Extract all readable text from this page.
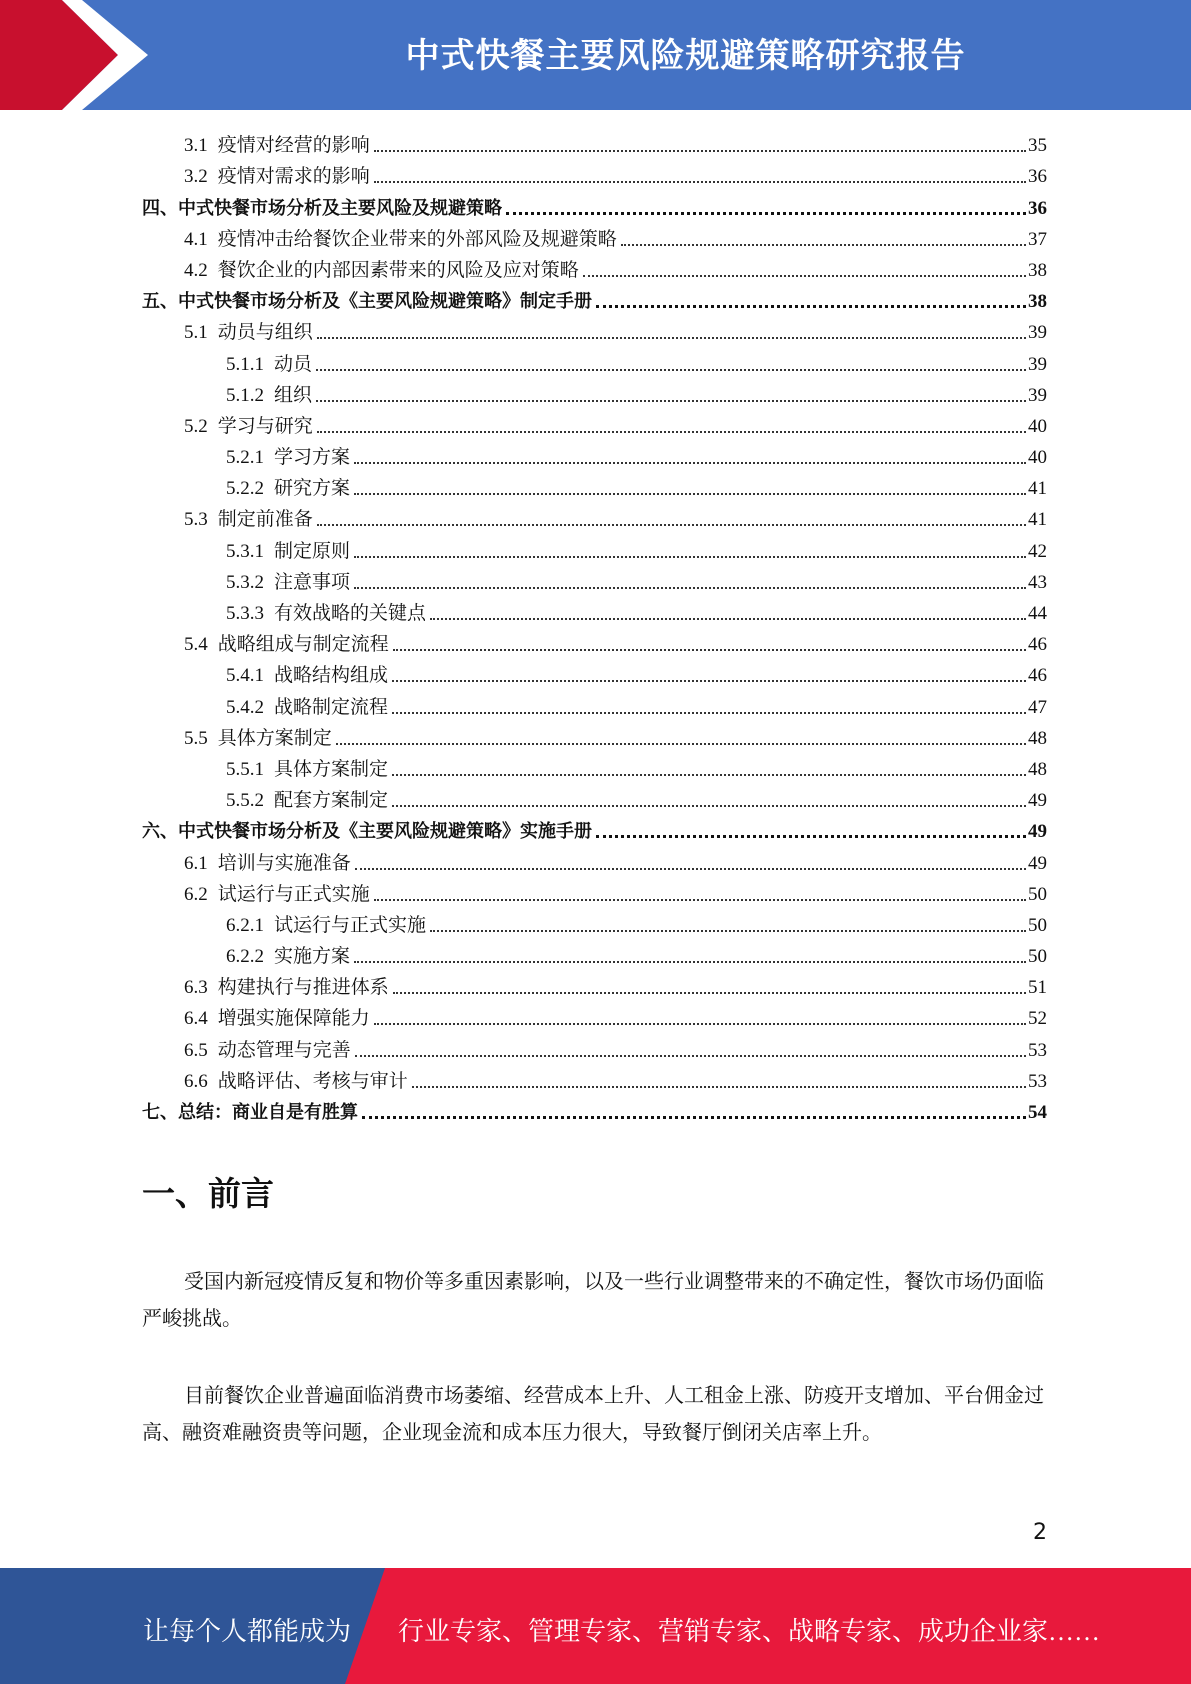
中式快餐主要风险规避策略研究报告
3.1 疫情对经营的影响	35
3.2 疫情对需求的影响	36
四、中式快餐市场分析及主要风险及规避策略	36
4.1 疫情冲击给餐饮企业带来的外部风险及规避策略	37
4.2 餐饮企业的内部因素带来的风险及应对策略	38
五、中式快餐市场分析及《主要风险规避策略》制定手册	38
5.1 动员与组织	39
5.1.1 动员	39
5.1.2 组织	39
5.2 学习与研究	40
5.2.1 学习方案	40
5.2.2 研究方案	41
5.3 制定前准备	41
5.3.1 制定原则	42
5.3.2 注意事项	43
5.3.3 有效战略的关键点	44
5.4 战略组成与制定流程	46
5.4.1 战略结构组成	46
5.4.2 战略制定流程	47
5.5 具体方案制定	48
5.5.1 具体方案制定	48
5.5.2 配套方案制定	49
六、中式快餐市场分析及《主要风险规避策略》实施手册	49
6.1 培训与实施准备	49
6.2 试运行与正式实施	50
6.2.1 试运行与正式实施	50
6.2.2 实施方案	50
6.3 构建执行与推进体系	51
6.4 增强实施保障能力	52
6.5 动态管理与完善	53
6.6 战略评估、考核与审计	53
七、总结：商业自是有胜算	54
一、前言
受国内新冠疫情反复和物价等多重因素影响，以及一些行业调整带来的不确定性，餐饮市场仍面临严峻挑战。
目前餐饮企业普遍面临消费市场萎缩、经营成本上升、人工租金上涨、防疫开支增加、平台佣金过高、融资难融资贵等问题，企业现金流和成本压力很大，导致餐厅倒闭关店率上升。
2
让每个人都能成为 行业专家、管理专家、营销专家、战略专家、成功企业家……
